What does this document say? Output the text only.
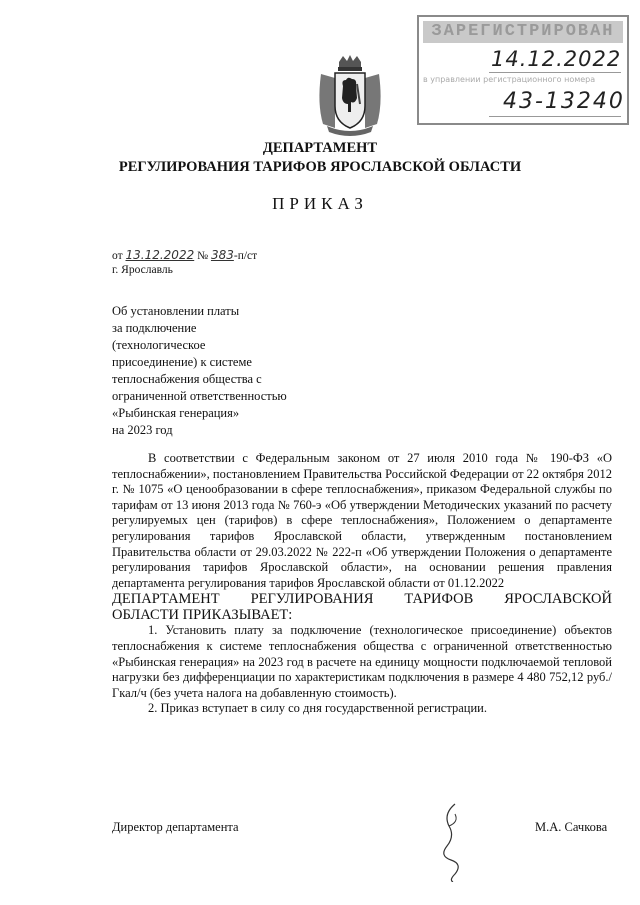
ЗАРЕГИСТРИРОВАН
14.12.2022
в управлении регистрационного номера
43-13240
ДЕПАРТАМЕНТ
РЕГУЛИРОВАНИЯ ТАРИФОВ ЯРОСЛАВСКОЙ ОБЛАСТИ
ПРИКАЗ
от 13.12.2022 № 383-п/ст
г. Ярославль
Об установлении платы
за подключение
(технологическое
присоединение) к системе
теплоснабжения общества с
ограниченной ответственностью
«Рыбинская генерация»
на 2023 год

В соответствии с Федеральным законом от 27 июля 2010 года № 190-ФЗ «О теплоснабжении», постановлением Правительства Российской Федерации от 22 октября 2012 г. № 1075 «О ценообразовании в сфере теплоснабжения», приказом Федеральной службы по тарифам от 13 июня 2013 года № 760-э «Об утверждении Методических указаний по расчету регулируемых цен (тарифов) в сфере теплоснабжения», Положением о департаменте регулирования тарифов Ярославской области, утвержденным постановлением Правительства области от 29.03.2022 № 222-п «Об утверждении Положения о департаменте регулирования тарифов Ярославской области», на основании решения правления департамента регулирования тарифов Ярославской области от 01.12.2022

ДЕПАРТАМЕНТ РЕГУЛИРОВАНИЯ ТАРИФОВ ЯРОСЛАВСКОЙ

ОБЛАСТИ ПРИКАЗЫВАЕТ:

1. Установить плату за подключение (технологическое присоединение) объектов теплоснабжения к системе теплоснабжения общества с ограниченной ответственностью «Рыбинская генерация» на 2023 год в расчете на единицу мощности подключаемой тепловой нагрузки без дифференциации по характеристикам подключения в размере 4 480 752,12 руб./Гкал/ч (без учета налога на добавленную стоимость).

2. Приказ вступает в силу со дня государственной регистрации.

Директор департамента	М.А. Сачкова
